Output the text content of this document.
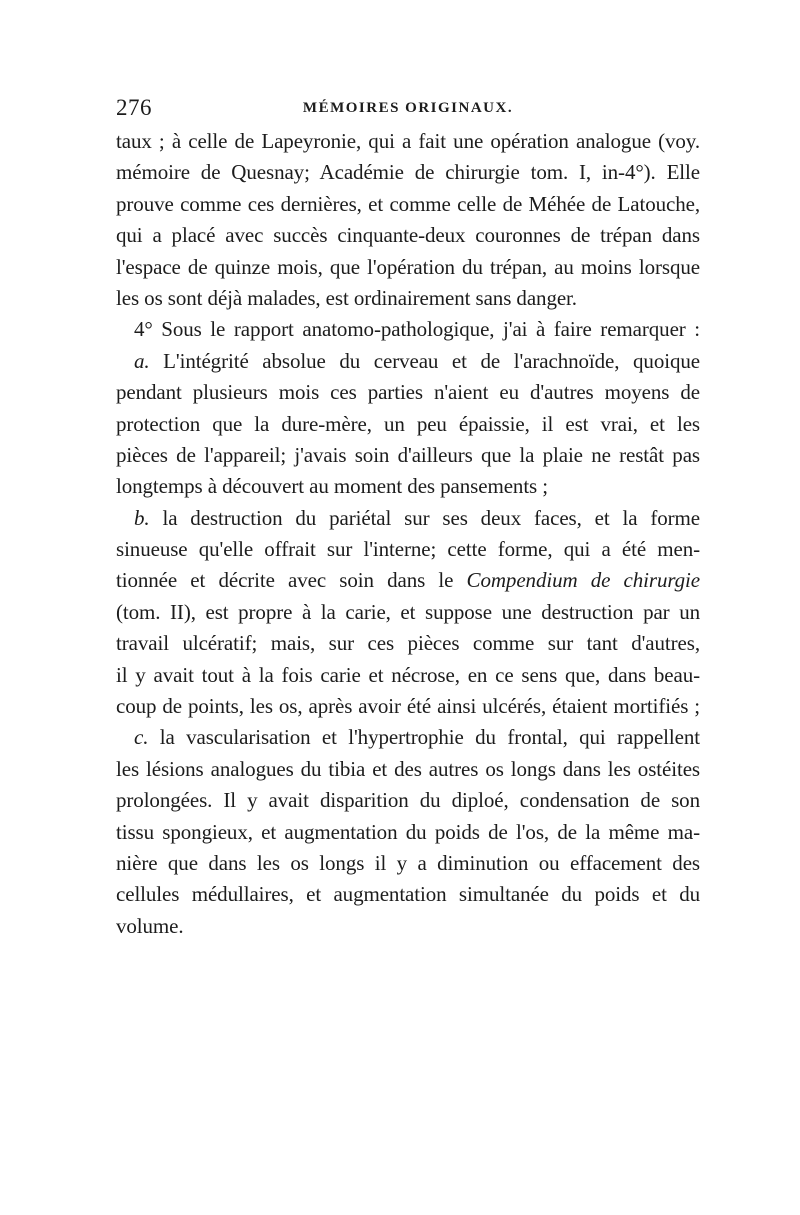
276	MÉMOIRES ORIGINAUX.
taux ; à celle de Lapeyronie, qui a fait une opération analogue (voy.
mémoire de Quesnay; Académie de chirurgie tom. I, in-4°). Elle
prouve comme ces dernières, et comme celle de Méhée de Latouche,
qui a placé avec succès cinquante-deux couronnes de trépan dans
l'espace de quinze mois, que l'opération du trépan, au moins lorsque
les os sont déjà malades, est ordinairement sans danger.
4° Sous le rapport anatomo-pathologique, j'ai à faire remarquer :
a. L'intégrité absolue du cerveau et de l'arachnoïde, quoique
pendant plusieurs mois ces parties n'aient eu d'autres moyens de
protection que la dure-mère, un peu épaissie, il est vrai, et les
pièces de l'appareil; j'avais soin d'ailleurs que la plaie ne restât pas
longtemps à découvert au moment des pansements ;
b. la destruction du pariétal sur ses deux faces, et la forme
sinueuse qu'elle offrait sur l'interne; cette forme, qui a été men-
tionnée et décrite avec soin dans le Compendium de chirurgie
(tom. II), est propre à la carie, et suppose une destruction par un
travail ulcératif; mais, sur ces pièces comme sur tant d'autres,
il y avait tout à la fois carie et nécrose, en ce sens que, dans beau-
coup de points, les os, après avoir été ainsi ulcérés, étaient mortifiés ;
c. la vascularisation et l'hypertrophie du frontal, qui rappellent
les lésions analogues du tibia et des autres os longs dans les ostéites
prolongées. Il y avait disparition du diploé, condensation de son
tissu spongieux, et augmentation du poids de l'os, de la même ma-
nière que dans les os longs il y a diminution ou effacement des
cellules médullaires, et augmentation simultanée du poids et du
volume.
